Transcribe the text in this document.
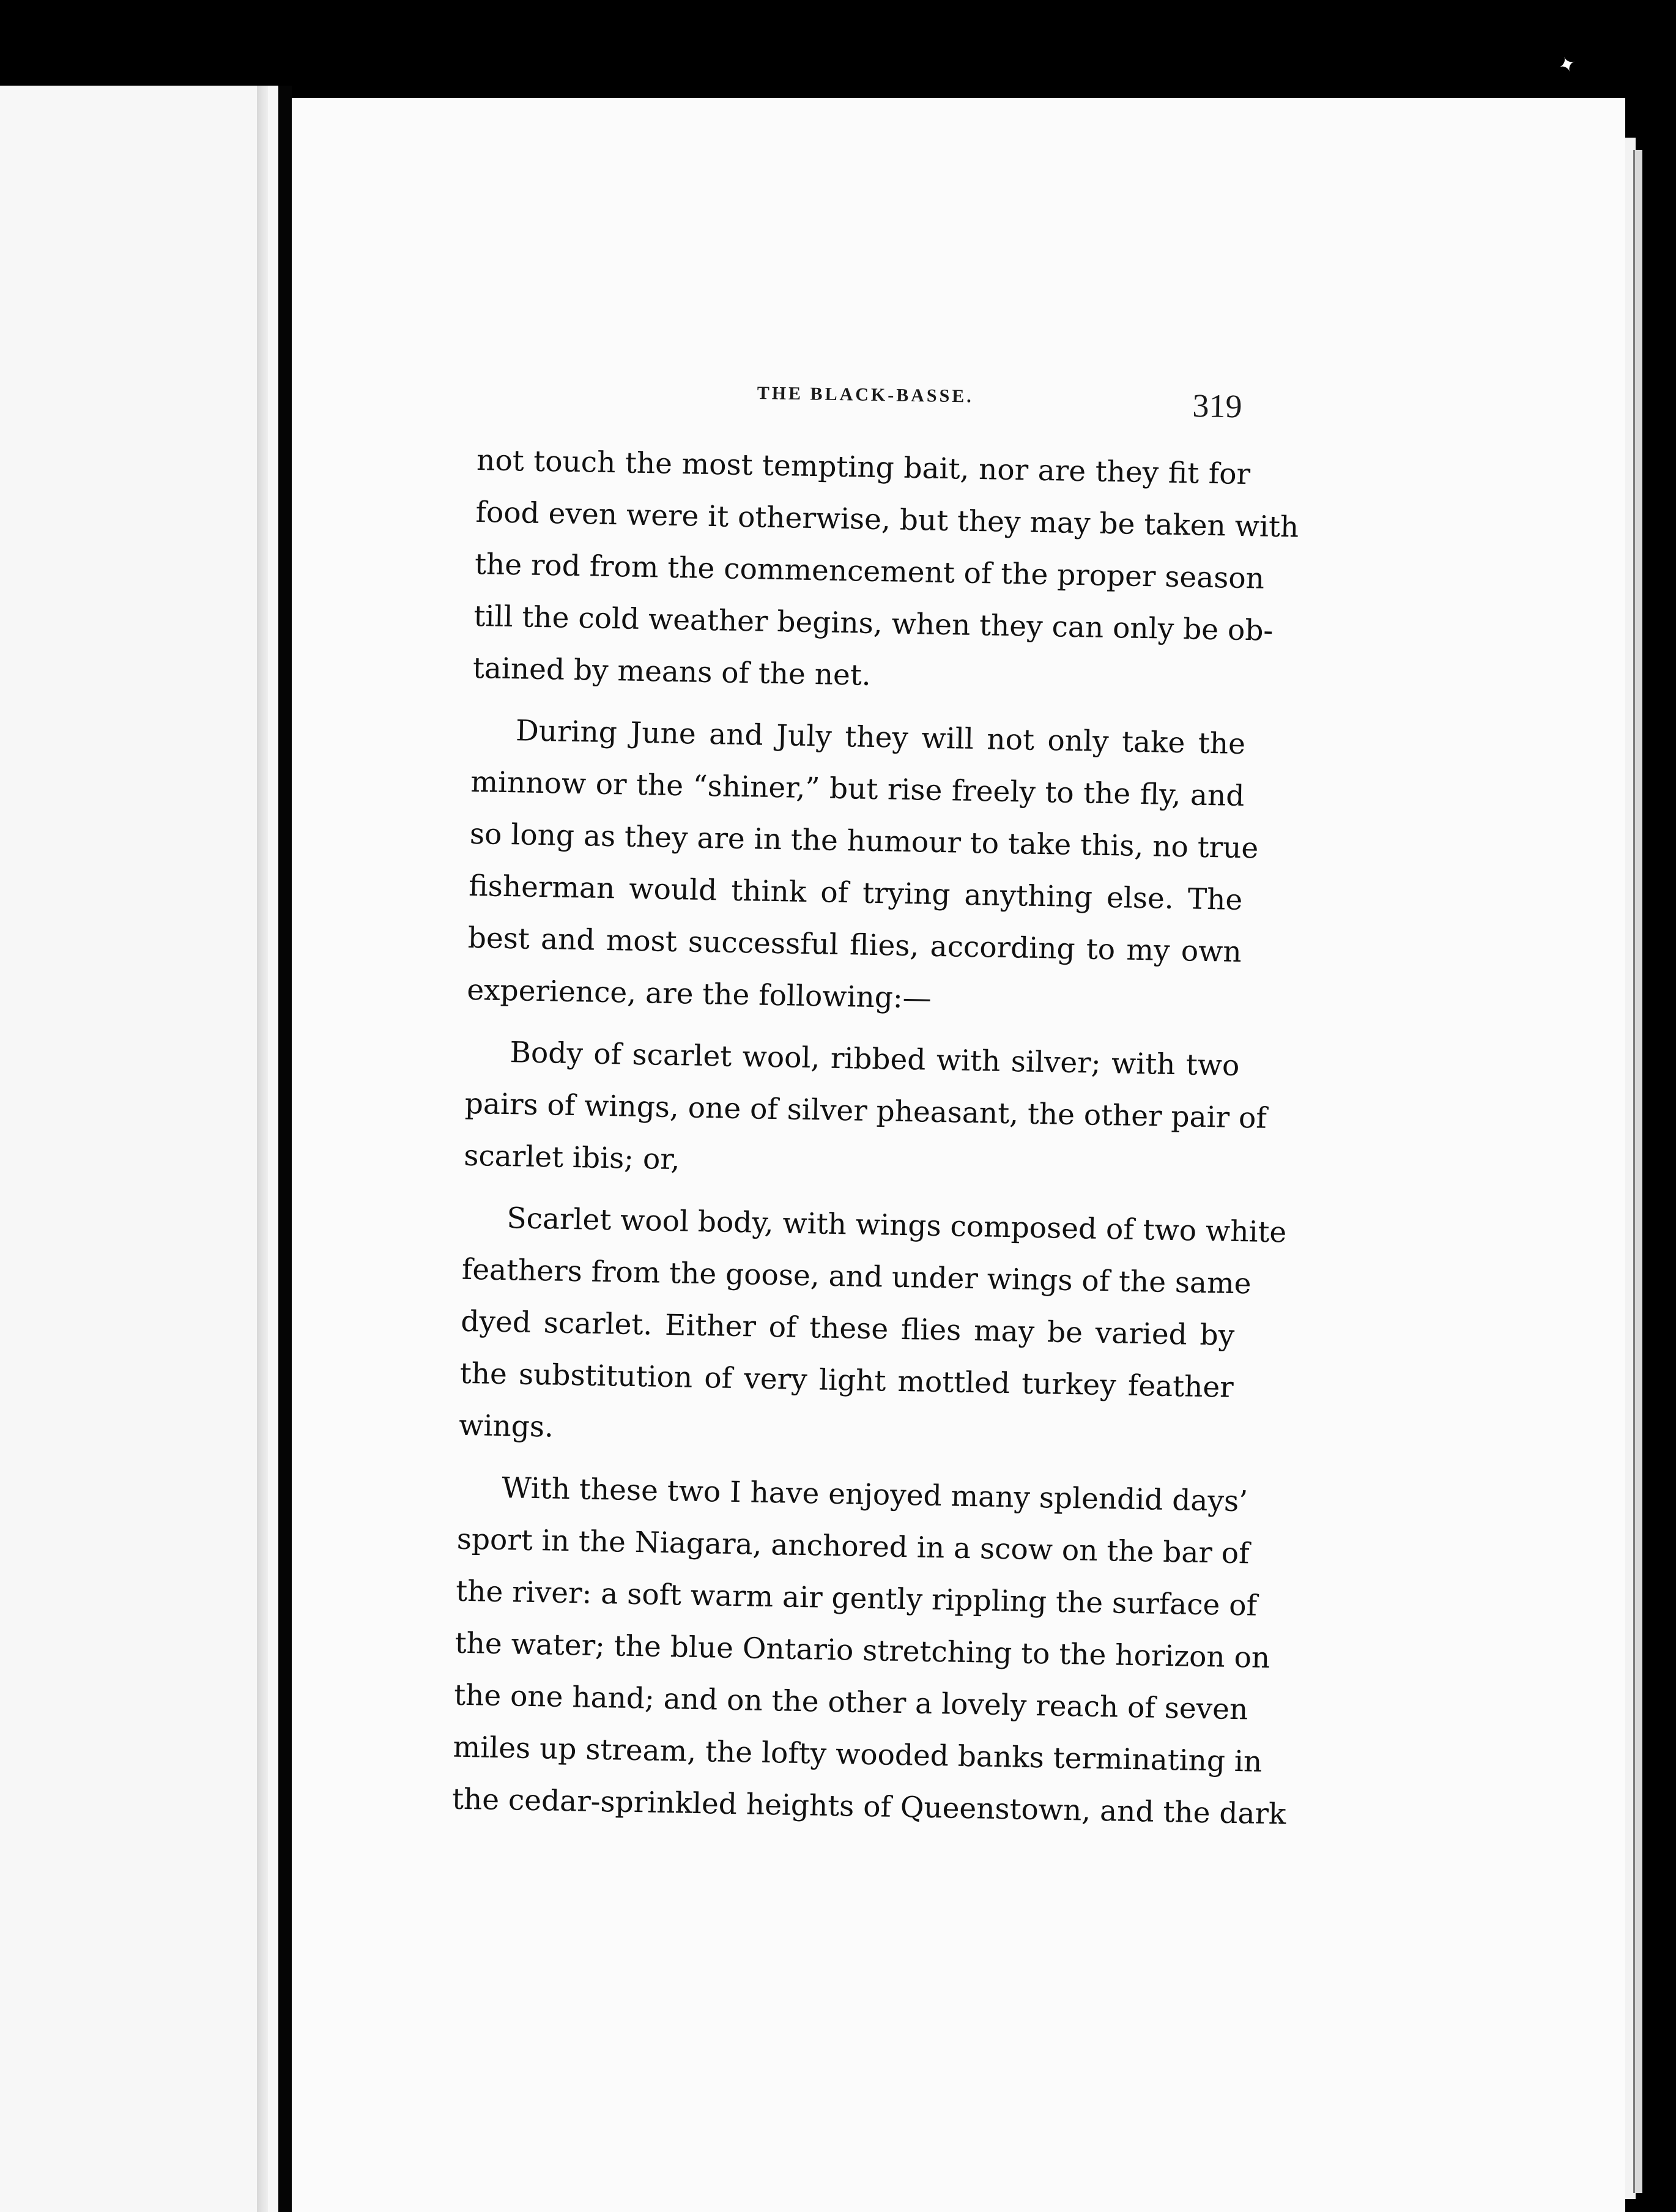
✦
THE BLACK-BASSE.	319
not touch the most tempting bait, nor are they fit for
food even were it otherwise, but they may be taken with
the rod from the commencement of the proper season
till the cold weather begins, when they can only be ob-
tained by means of the net.
During June and July they will not only take the
minnow or the “shiner,” but rise freely to the fly, and
so long as they are in the humour to take this, no true
fisherman would think of trying anything else. The
best and most successful flies, according to my own
experience, are the following:—
Body of scarlet wool, ribbed with silver; with two
pairs of wings, one of silver pheasant, the other pair of
scarlet ibis; or,
Scarlet wool body, with wings composed of two white
feathers from the goose, and under wings of the same
dyed scarlet. Either of these flies may be varied by
the substitution of very light mottled turkey feather
wings.
With these two I have enjoyed many splendid days’
sport in the Niagara, anchored in a scow on the bar of
the river: a soft warm air gently rippling the surface of
the water; the blue Ontario stretching to the horizon on
the one hand; and on the other a lovely reach of seven
miles up stream, the lofty wooded banks terminating in
the cedar-sprinkled heights of Queenstown, and the dark
